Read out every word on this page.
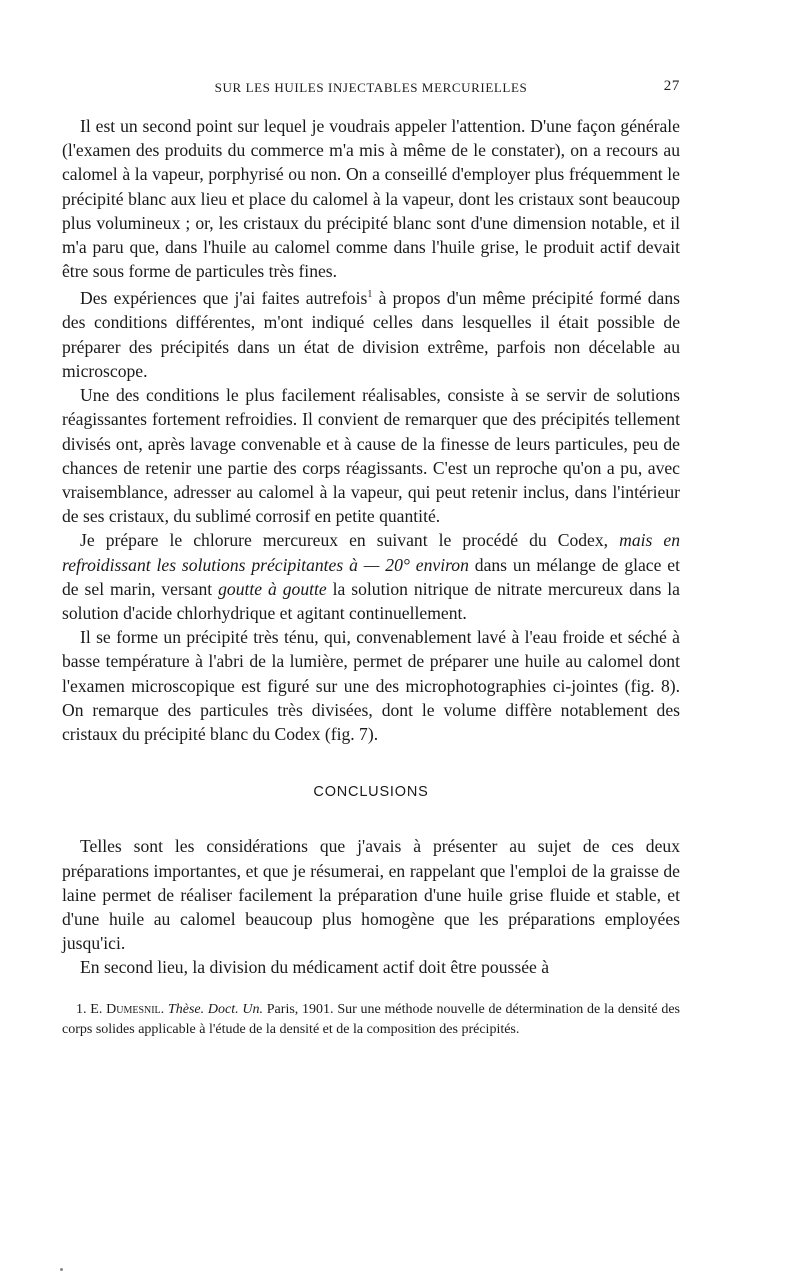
SUR LES HUILES INJECTABLES MERCURIELLES	27

Il est un second point sur lequel je voudrais appeler l'attention. D'une façon générale (l'examen des produits du commerce m'a mis à même de le constater), on a recours au calomel à la vapeur, porphyrisé ou non. On a conseillé d'employer plus fréquemment le précipité blanc aux lieu et place du calomel à la vapeur, dont les cristaux sont beaucoup plus volumineux ; or, les cristaux du précipité blanc sont d'une dimension notable, et il m'a paru que, dans l'huile au calomel comme dans l'huile grise, le produit actif devait être sous forme de particules très fines.

Des expériences que j'ai faites autrefois$^1$ à propos d'un même précipité formé dans des conditions différentes, m'ont indiqué celles dans lesquelles il était possible de préparer des précipités dans un état de division extrême, parfois non décelable au microscope.

Une des conditions le plus facilement réalisables, consiste à se servir de solutions réagissantes fortement refroidies. Il convient de remarquer que des précipités tellement divisés ont, après lavage convenable et à cause de la finesse de leurs particules, peu de chances de retenir une partie des corps réagissants. C'est un reproche qu'on a pu, avec vraisemblance, adresser au calomel à la vapeur, qui peut retenir inclus, dans l'intérieur de ses cristaux, du sublimé corrosif en petite quantité.

Je prépare le chlorure mercureux en suivant le procédé du Codex, mais en refroidissant les solutions précipitantes à — 20° environ dans un mélange de glace et de sel marin, versant goutte à goutte la solution nitrique de nitrate mercureux dans la solution d'acide chlorhydrique et agitant continuellement.

Il se forme un précipité très ténu, qui, convenablement lavé à l'eau froide et séché à basse température à l'abri de la lumière, permet de préparer une huile au calomel dont l'examen microscopique est figuré sur une des microphotographies ci-jointes (fig. 8). On remarque des particules très divisées, dont le volume diffère notablement des cristaux du précipité blanc du Codex (fig. 7).

CONCLUSIONS

Telles sont les considérations que j'avais à présenter au sujet de ces deux préparations importantes, et que je résumerai, en rappelant que l'emploi de la graisse de laine permet de réaliser facilement la préparation d'une huile grise fluide et stable, et d'une huile au calomel beaucoup plus homogène que les préparations employées jusqu'ici.

En second lieu, la division du médicament actif doit être poussée à

1. E. Dumesnil. Thèse. Doct. Un. Paris, 1901. Sur une méthode nouvelle de détermination de la densité des corps solides applicable à l'étude de la densité et de la composition des précipités.
